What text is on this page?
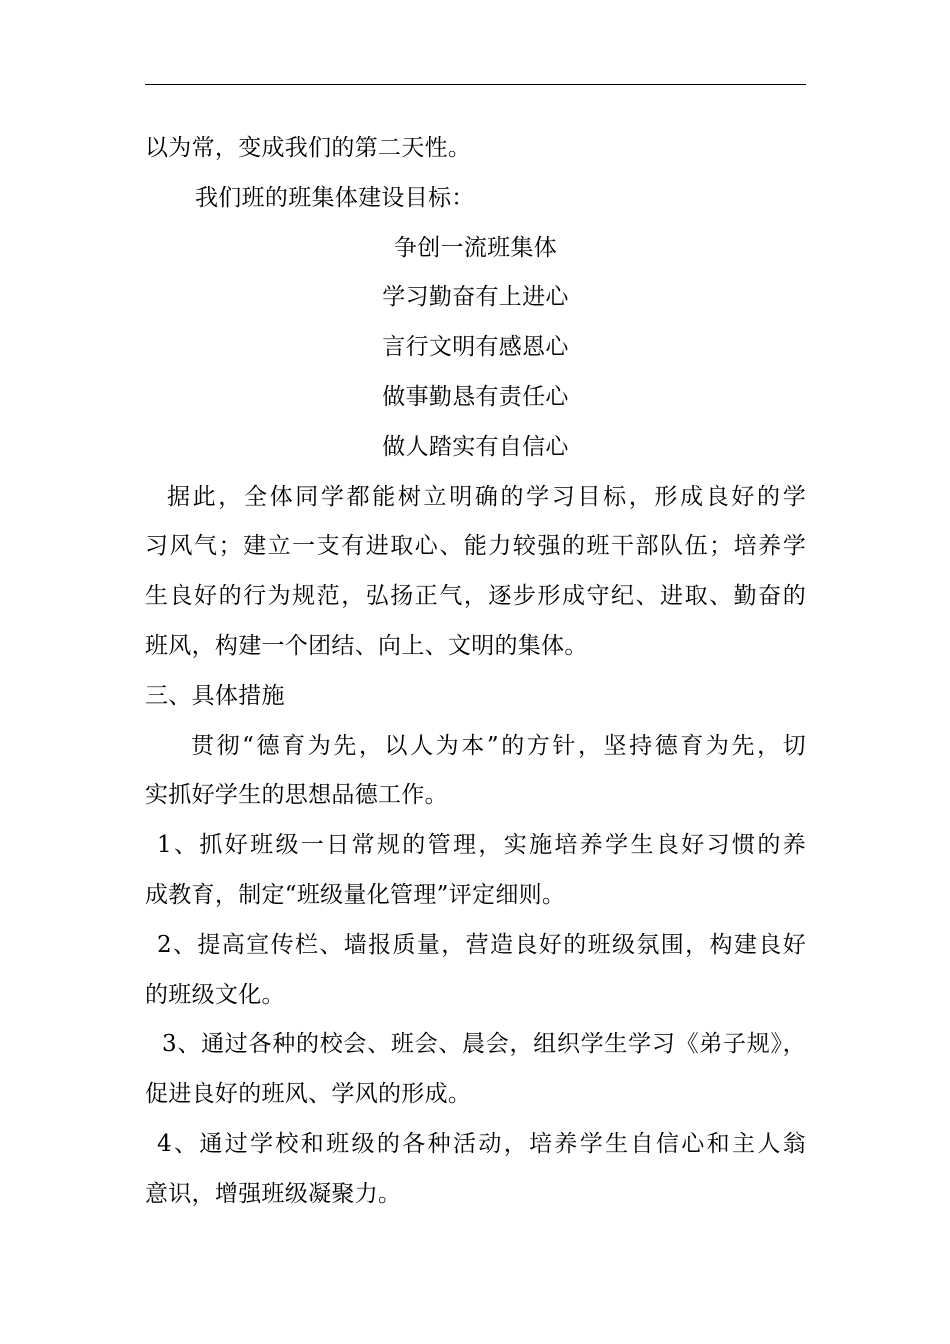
以为常，变成我们的第二天性。
我们班的班集体建设目标：
争创一流班集体
学习勤奋有上进心
言行文明有感恩心
做事勤恳有责任心
做人踏实有自信心
据此，全体同学都能树立明确的学习目标，形成良好的学
习风气；建立一支有进取心、能力较强的班干部队伍；培养学
生良好的行为规范，弘扬正气，逐步形成守纪、进取、勤奋的
班风，构建一个团结、向上、文明的集体。
三、具体措施
贯彻“德育为先，以人为本”的方针，坚持德育为先，切
实抓好学生的思想品德工作。
1、抓好班级一日常规的管理，实施培养学生良好习惯的养
成教育，制定“班级量化管理”评定细则。
2、提高宣传栏、墙报质量，营造良好的班级氛围，构建良好
的班级文化。
3、通过各种的校会、班会、晨会，组织学生学习《弟子规》，
促进良好的班风、学风的形成。
4、通过学校和班级的各种活动，培养学生自信心和主人翁
意识，增强班级凝聚力。
